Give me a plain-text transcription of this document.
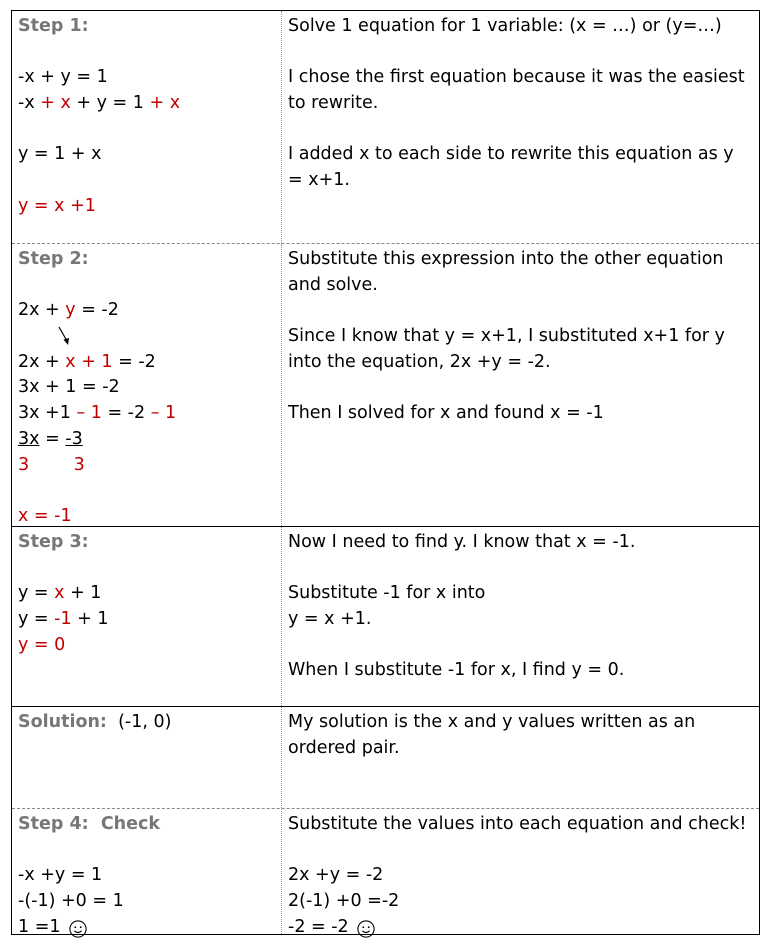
Step 1:
-x + y = 1
-x + x + y = 1 + x
y = 1 + x
y = x +1
Solve 1 equation for 1 variable: (x = …) or (y=…)
I chose the first equation because it was the easiest to rewrite.
I added x to each side to rewrite this equation as y = x+1.
Step 2:
2x + y = -2
2x + x + 1 = -2
3x + 1 = -2
3x +1 – 1 = -2 – 1
3x = -3
3        3
x = -1
Substitute this expression into the other equation and solve.
Since I know that y = x+1, I substituted x+1 for y into the equation, 2x +y = -2.
Then I solved for x and found x = -1
Step 3:
y = x + 1
y = -1 + 1
y = 0
Now I need to find y. I know that x = -1.
Substitute -1 for x into
y = x +1.
When I substitute -1 for x, I find y = 0.
Solution:  (-1, 0)	My solution is the x and y values written as an ordered pair.
Step 4:  Check
-x +y = 1
-(-1) +0 = 1
1 =1
Substitute the values into each equation and check!
2x +y = -2
2(-1) +0 =-2
-2 = -2
